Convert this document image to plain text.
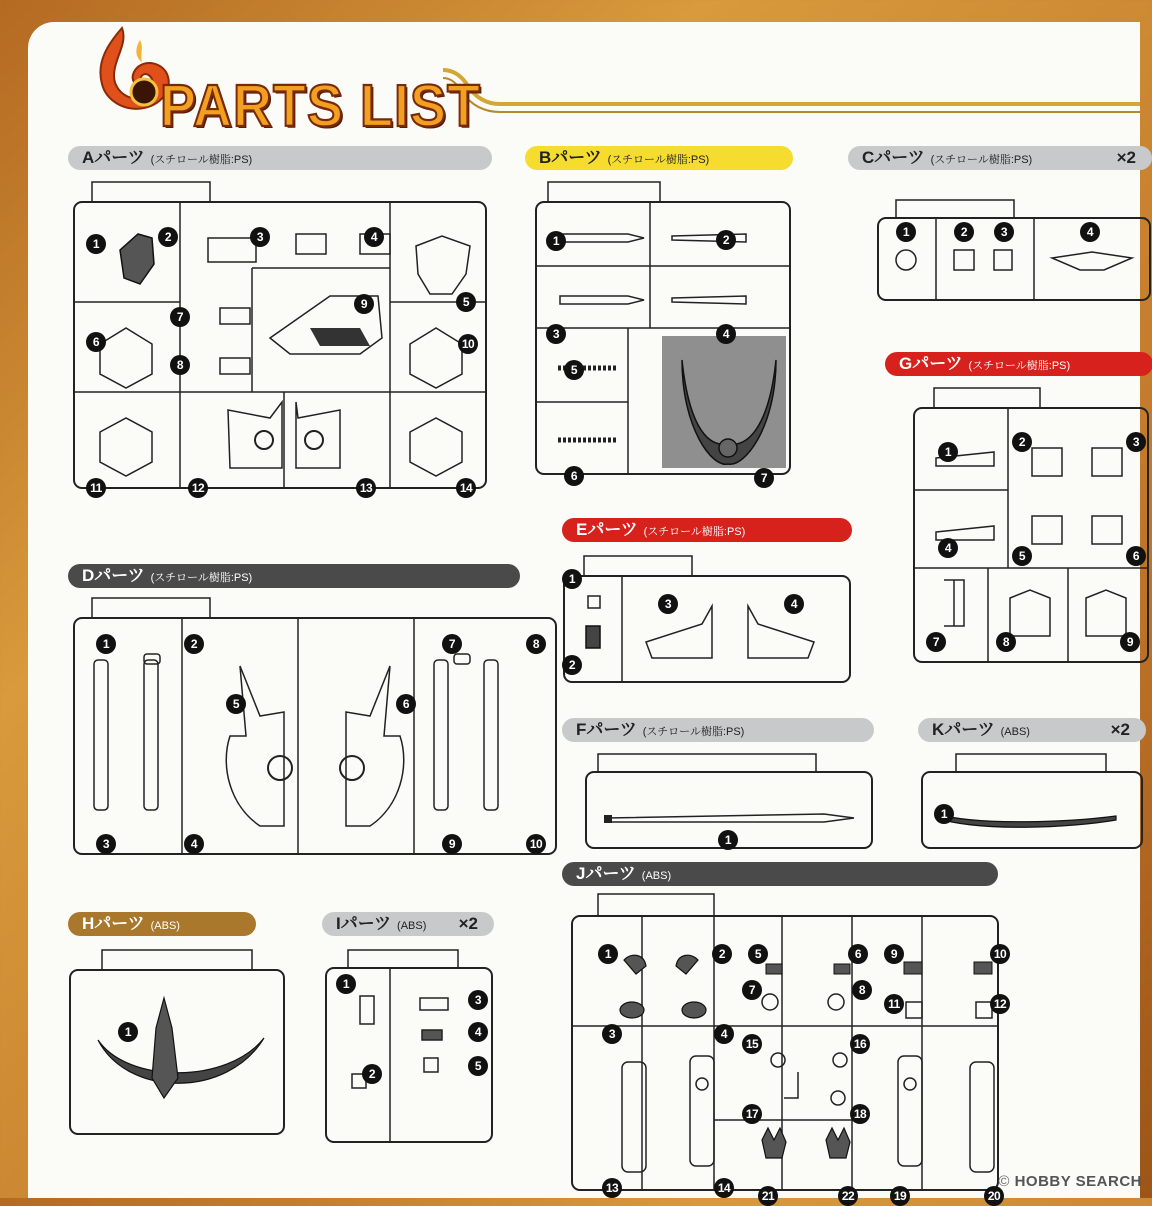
PARTS LIST
Aパーツ (スチロール樹脂:PS)
1	2	3	4
5
6
7
8
9
10
11	12	13	14
Bパーツ (スチロール樹脂:PS)
1	2
3	4
5
6	7
Cパーツ (スチロール樹脂:PS)	×2
1	2	3	4
Gパーツ (スチロール樹脂:PS)
1
2	3
4
5	6
7	8	9
Eパーツ (スチロール樹脂:PS)
1
2
3	4
Dパーツ (スチロール樹脂:PS)
1	2
3	4
5	6
7	8
9	10
Fパーツ (スチロール樹脂:PS)
1
Kパーツ (ABS)	×2
1
Hパーツ (ABS)
1
Iパーツ (ABS) ×2
1
2
3
4
5
Jパーツ (ABS)
1	2
3	4
5	6
7	8
9	10
11	12
13	14
15	16
17	18
19	20
21	22
© HOBBY SEARCH
